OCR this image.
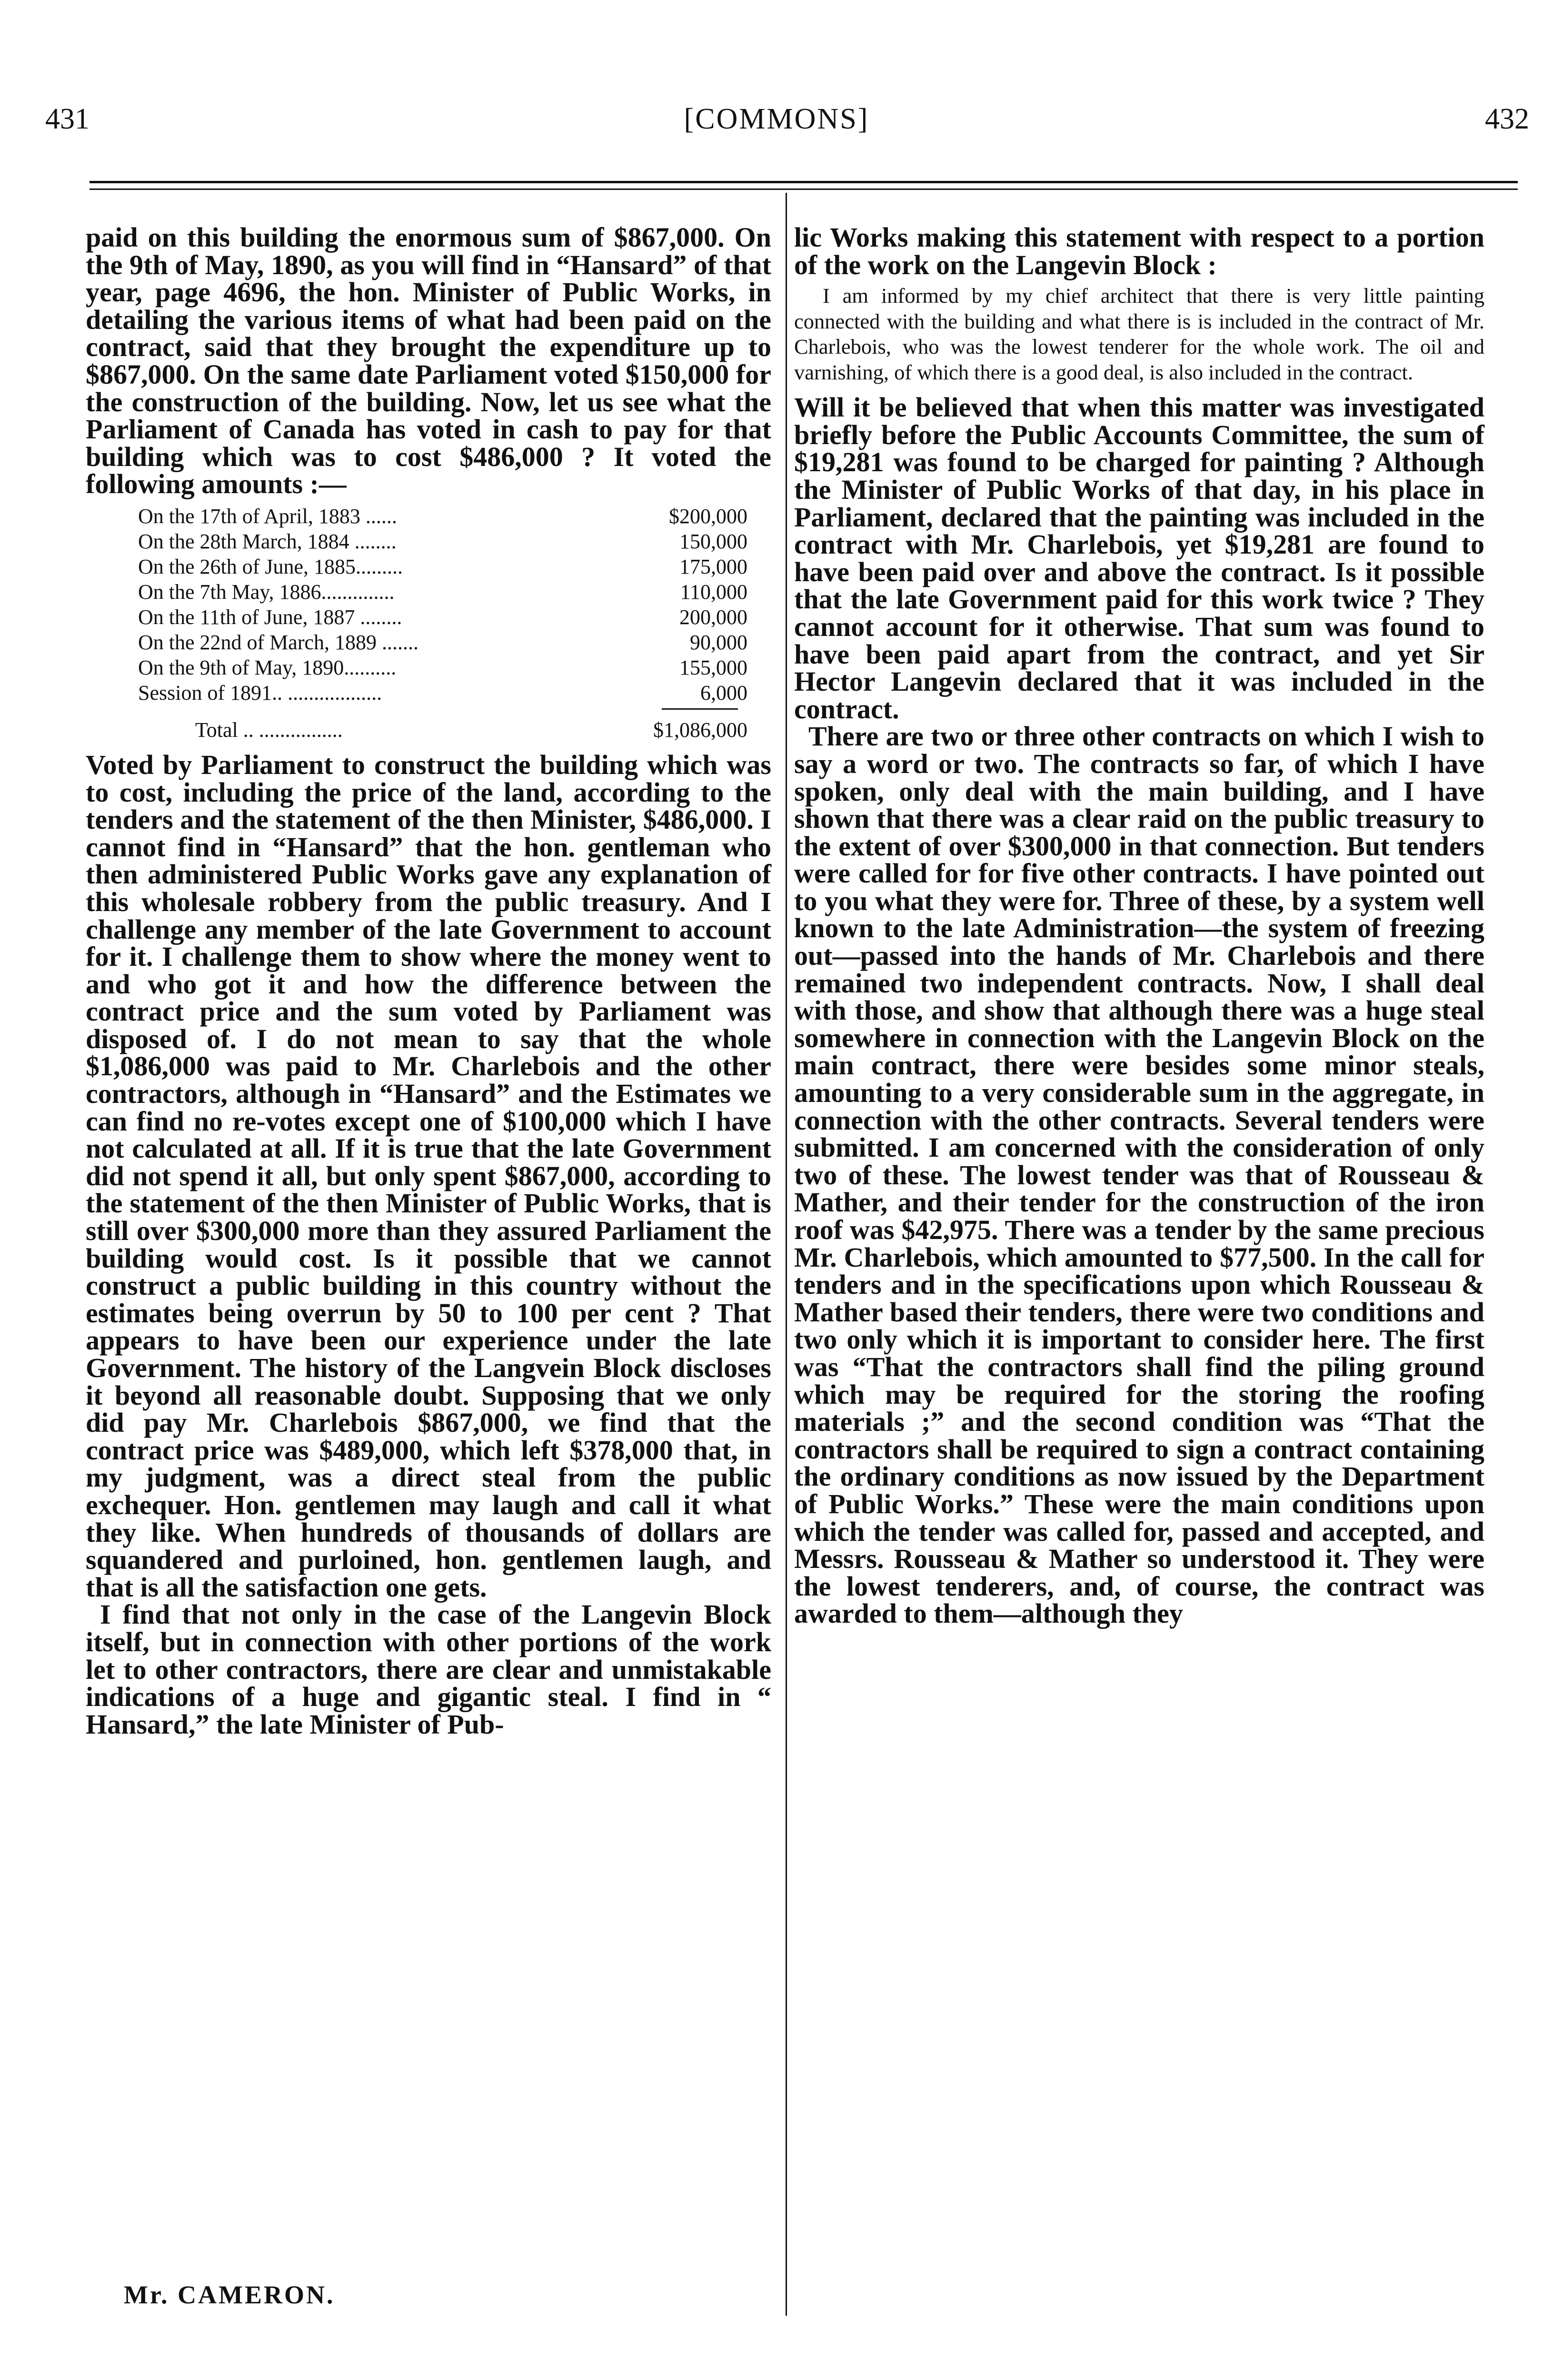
431	[COMMONS]	432

paid on this building the enormous sum of $867,000. On the 9th of May, 1890, as you will find in “Hansard” of that year, page 4696, the hon. Minister of Public Works, in detailing the various items of what had been paid on the contract, said that they brought the expenditure up to $867,000. On the same date Parliament voted $150,000 for the construction of the building. Now, let us see what the Parliament of Canada has voted in cash to pay for that building which was to cost $486,000 ? It voted the following amounts :—

On the 17th of April, 1883 ......	$200,000
On the 28th March, 1884 ........	150,000
On the 26th of June, 1885.........	175,000
On the 7th May, 1886..............	110,000
On the 11th of June, 1887 ........	200,000
On the 22nd of March, 1889 .......	90,000
On the 9th of May, 1890..........	155,000
Session of 1891.. ..................	6,000
Total .. ................	$1,086,000

Voted by Parliament to construct the building which was to cost, including the price of the land, according to the tenders and the statement of the then Minister, $486,000. I cannot find in “Hansard” that the hon. gentleman who then administered Public Works gave any explanation of this wholesale robbery from the public treasury. And I challenge any member of the late Government to account for it. I challenge them to show where the money went to and who got it and how the difference between the contract price and the sum voted by Parliament was disposed of. I do not mean to say that the whole $1,086,000 was paid to Mr. Charlebois and the other contractors, although in “Hansard” and the Estimates we can find no re-votes except one of $100,000 which I have not calculated at all. If it is true that the late Government did not spend it all, but only spent $867,000, according to the statement of the then Minister of Public Works, that is still over $300,000 more than they assured Parliament the building would cost. Is it possible that we cannot construct a public building in this country without the estimates being overrun by 50 to 100 per cent ? That appears to have been our experience under the late Government. The history of the Langvein Block discloses it beyond all reasonable doubt. Supposing that we only did pay Mr. Charlebois $867,000, we find that the contract price was $489,000, which left $378,000 that, in my judgment, was a direct steal from the public exchequer. Hon. gentlemen may laugh and call it what they like. When hundreds of thousands of dollars are squandered and purloined, hon. gentlemen laugh, and that is all the satisfaction one gets.

I find that not only in the case of the Langevin Block itself, but in connection with other portions of the work let to other contractors, there are clear and unmistakable indications of a huge and gigantic steal. I find in “ Hansard,” the late Minister of Pub-

Mr. CAMERON.

lic Works making this statement with respect to a portion of the work on the Langevin Block :

I am informed by my chief architect that there is very little painting connected with the building and what there is is included in the contract of Mr. Charlebois, who was the lowest tenderer for the whole work. The oil and varnishing, of which there is a good deal, is also included in the contract.

Will it be believed that when this matter was investigated briefly before the Public Accounts Committee, the sum of $19,281 was found to be charged for painting ? Although the Minister of Public Works of that day, in his place in Parliament, declared that the painting was included in the contract with Mr. Charlebois, yet $19,281 are found to have been paid over and above the contract. Is it possible that the late Government paid for this work twice ? They cannot account for it otherwise. That sum was found to have been paid apart from the contract, and yet Sir Hector Langevin declared that it was included in the contract.

There are two or three other contracts on which I wish to say a word or two. The contracts so far, of which I have spoken, only deal with the main building, and I have shown that there was a clear raid on the public treasury to the extent of over $300,000 in that connection. But tenders were called for for five other contracts. I have pointed out to you what they were for. Three of these, by a system well known to the late Administration—the system of freezing out—passed into the hands of Mr. Charlebois and there remained two independent contracts. Now, I shall deal with those, and show that although there was a huge steal somewhere in connection with the Langevin Block on the main contract, there were besides some minor steals, amounting to a very considerable sum in the aggregate, in connection with the other contracts. Several tenders were submitted. I am concerned with the consideration of only two of these. The lowest tender was that of Rousseau & Mather, and their tender for the construction of the iron roof was $42,975. There was a tender by the same precious Mr. Charlebois, which amounted to $77,500. In the call for tenders and in the specifications upon which Rousseau & Mather based their tenders, there were two conditions and two only which it is important to consider here. The first was “That the contractors shall find the piling ground which may be required for the storing the roofing materials ;” and the second condition was “That the contractors shall be required to sign a contract containing the ordinary conditions as now issued by the Department of Public Works.” These were the main conditions upon which the tender was called for, passed and accepted, and Messrs. Rousseau & Mather so understood it. They were the lowest tenderers, and, of course, the contract was awarded to them—although they
